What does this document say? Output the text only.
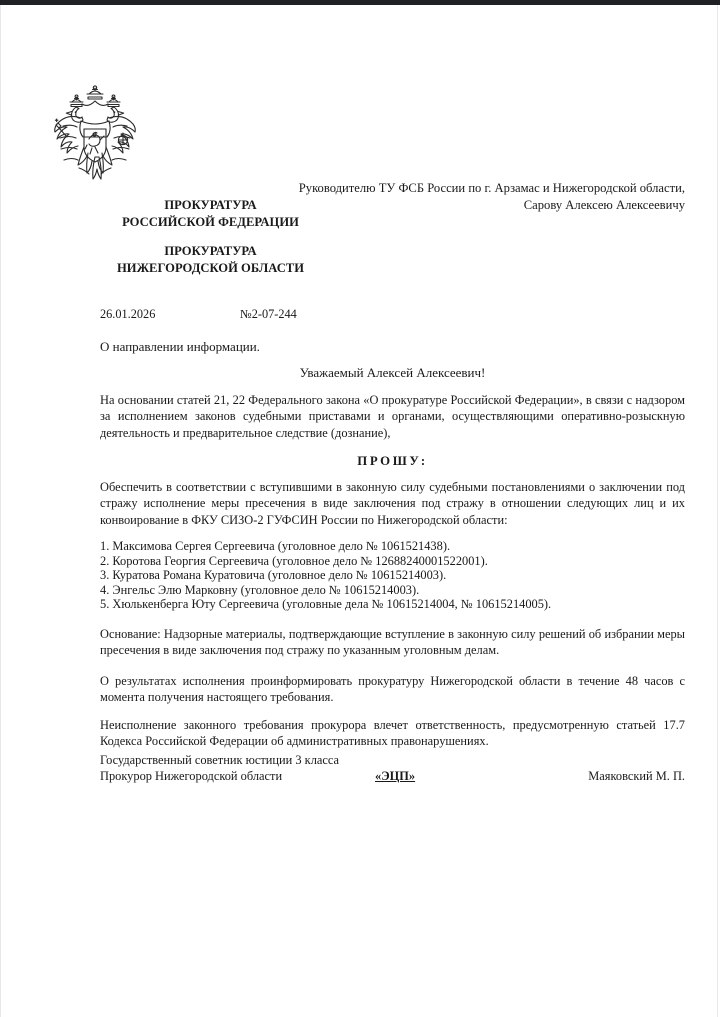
Руководителю ТУ ФСБ России по г. Арзамас и Нижегородской области,
Сарову Алексею Алексеевичу
ПРОКУРАТУРА
РОССИЙСКОЙ ФЕДЕРАЦИИ
ПРОКУРАТУРА
НИЖЕГОРОДСКОЙ ОБЛАСТИ
26.01.2026	№2-07-244
О направлении информации.
Уважаемый Алексей Алексеевич!
На основании статей 21, 22 Федерального закона «О прокуратуре Российской Федерации», в связи с надзором за исполнением законов судебными приставами и органами, осуществляющими оперативно-розыскную деятельность и предварительное следствие (дознание),
ПРОШУ:
Обеспечить в соответствии с вступившими в законную силу судебными постановлениями о заключении под стражу исполнение меры пресечения в виде заключения под стражу в отношении следующих лиц и их конвоирование в ФКУ СИЗО-2 ГУФСИН России по Нижегородской области:
1. Максимова Сергея Сергеевича (уголовное дело № 1061521438).
2. Коротова Георгия Сергеевича (уголовное дело № 12688240001522001).
3. Куратова Романа Куратовича (уголовное дело № 10615214003).
4. Энгельс Элю Марковну (уголовное дело № 10615214003).
5. Хюлькенберга Юту Сергеевича (уголовные дела № 10615214004, № 10615214005).
Основание: Надзорные материалы, подтверждающие вступление в законную силу решений об избрании меры пресечения в виде заключения под стражу по указанным уголовным делам.
О результатах исполнения проинформировать прокуратуру Нижегородской области в течение 48 часов с момента получения настоящего требования.
Неисполнение законного требования прокурора влечет ответственность, предусмотренную статьей 17.7 Кодекса Российской Федерации об административных правонарушениях.
Государственный советник юстиции 3 класса
Прокурор Нижегородской области	«ЭЦП»	Маяковский М. П.
